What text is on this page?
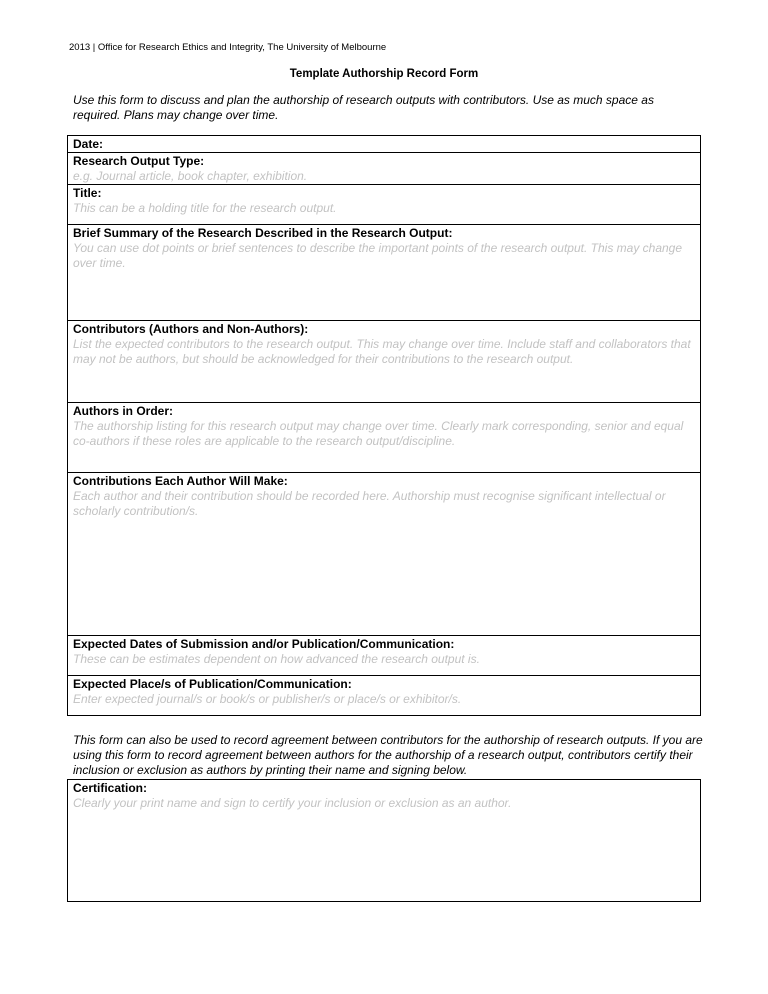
2013 | Office for Research Ethics and Integrity, The University of Melbourne
Template Authorship Record Form
Use this form to discuss and plan the authorship of research outputs with contributors. Use as much space as required. Plans may change over time.
Date:

Research Output Type:
e.g. Journal article, book chapter, exhibition.

Title:
This can be a holding title for the research output.

Brief Summary of the Research Described in the Research Output:
You can use dot points or brief sentences to describe the important points of the research output. This may change over time.

Contributors (Authors and Non-Authors):
List the expected contributors to the research output. This may change over time. Include staff and collaborators that may not be authors, but should be acknowledged for their contributions to the research output.

Authors in Order:
The authorship listing for this research output may change over time. Clearly mark corresponding, senior and equal co-authors if these roles are applicable to the research output/discipline.

Contributions Each Author Will Make:
Each author and their contribution should be recorded here. Authorship must recognise significant intellectual or scholarly contribution/s.

Expected Dates of Submission and/or Publication/Communication:
These can be estimates dependent on how advanced the research output is.

Expected Place/s of Publication/Communication:
Enter expected journal/s or book/s or publisher/s or place/s or exhibitor/s.
This form can also be used to record agreement between contributors for the authorship of research outputs. If you are using this form to record agreement between authors for the authorship of a research output, contributors certify their inclusion or exclusion as authors by printing their name and signing below.
Certification:
Clearly your print name and sign to certify your inclusion or exclusion as an author.
